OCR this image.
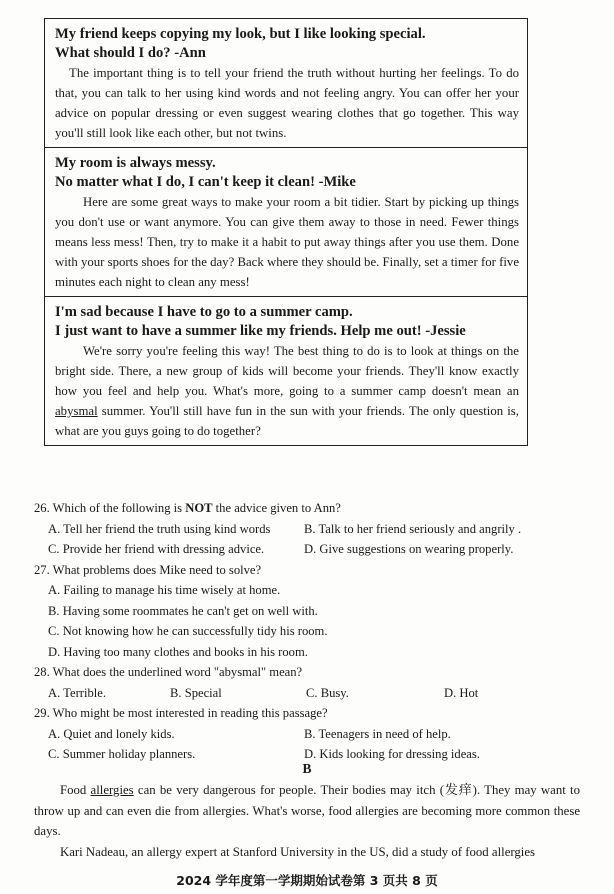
My friend keeps copying my look, but I like looking special.

What should I do? -Ann

The important thing is to tell your friend the truth without hurting her feelings. To do that, you can talk to her using kind words and not feeling angry. You can offer her your advice on popular dressing or even suggest wearing clothes that go together. This way you'll still look like each other, but not twins.

My room is always messy.

No matter what I do, I can't keep it clean! -Mike

Here are some great ways to make your room a bit tidier. Start by picking up things you don't use or want anymore. You can give them away to those in need. Fewer things means less mess! Then, try to make it a habit to put away things after you use them. Done with your sports shoes for the day? Back where they should be. Finally, set a timer for five minutes each night to clean any mess!

I'm sad because I have to go to a summer camp.

I just want to have a summer like my friends. Help me out! -Jessie

We're sorry you're feeling this way! The best thing to do is to look at things on the bright side. There, a new group of kids will become your friends. They'll know exactly how you feel and help you. What's more, going to a summer camp doesn't mean an abysmal summer. You'll still have fun in the sun with your friends. The only question is, what are you guys going to do together?

26. Which of the following is NOT the advice given to Ann?

A. Tell her friend the truth using kind words	B. Talk to her friend seriously and angrily .
C. Provide her friend with dressing advice.	D. Give suggestions on wearing properly.

27. What problems does Mike need to solve?

A. Failing to manage his time wisely at home.
B. Having some roommates he can't get on well with.
C. Not knowing how he can successfully tidy his room.
D. Having too many clothes and books in his room.

28. What does the underlined word "abysmal" mean?

A. Terrible.	B. Special	C. Busy.	D. Hot

29. Who might be most interested in reading this passage?

A. Quiet and lonely kids.	B. Teenagers in need of help.
C. Summer holiday planners.	D. Kids looking for dressing ideas.
B

Food allergies can be very dangerous for people. Their bodies may itch (发痒). They may want to throw up and can even die from allergies. What's worse, food allergies are becoming more common these days.

Kari Nadeau, an allergy expert at Stanford University in the US, did a study of food allergies

2024 学年度第一学期期始试卷第 3 页共 8 页
